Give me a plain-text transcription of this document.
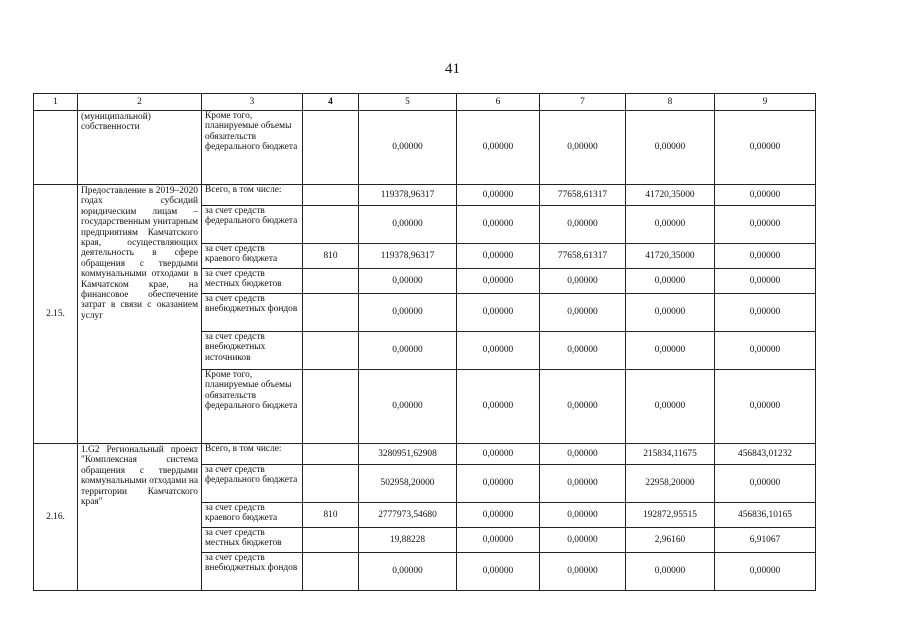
41
1	2	3	4	5	6	7	8	9
	(муниципальной) собственности	Кроме того, планируемые объемы обязательств федерального бюджета		0,00000	0,00000	0,00000	0,00000	0,00000
2.15.	Предоставление в 2019–2020 годах субсидий юридическим лицам – государственным унитарным предприятиям Камчатского края, осуществляющих деятельность в сфере обращения с твердыми коммунальными отходами в Камчатском крае, на финансовое обеспечение затрат в связи с оказанием услуг	Всего, в том числе:		119378,96317	0,00000	77658,61317	41720,35000	0,00000
		за счет средств федерального бюджета		0,00000	0,00000	0,00000	0,00000	0,00000
		за счет средств краевого бюджета	810	119378,96317	0,00000	77658,61317	41720,35000	0,00000
		за счет средств местных бюджетов		0,00000	0,00000	0,00000	0,00000	0,00000
		за счет средств внебюджетных фондов		0,00000	0,00000	0,00000	0,00000	0,00000
		за счет средств внебюджетных источников		0,00000	0,00000	0,00000	0,00000	0,00000
		Кроме того, планируемые объемы обязательств федерального бюджета		0,00000	0,00000	0,00000	0,00000	0,00000
2.16.	1.G2 Региональный проект "Комплексная система обращения с твердыми коммунальными отходами на территории Камчатского края"	Всего, в том числе:		3280951,62908	0,00000	0,00000	215834,11675	456843,01232
		за счет средств федерального бюджета		502958,20000	0,00000	0,00000	22958,20000	0,00000
		за счет средств краевого бюджета	810	2777973,54680	0,00000	0,00000	192872,95515	456836,10165
		за счет средств местных бюджетов		19,88228	0,00000	0,00000	2,96160	6,91067
		за счет средств внебюджетных фондов		0,00000	0,00000	0,00000	0,00000	0,00000
